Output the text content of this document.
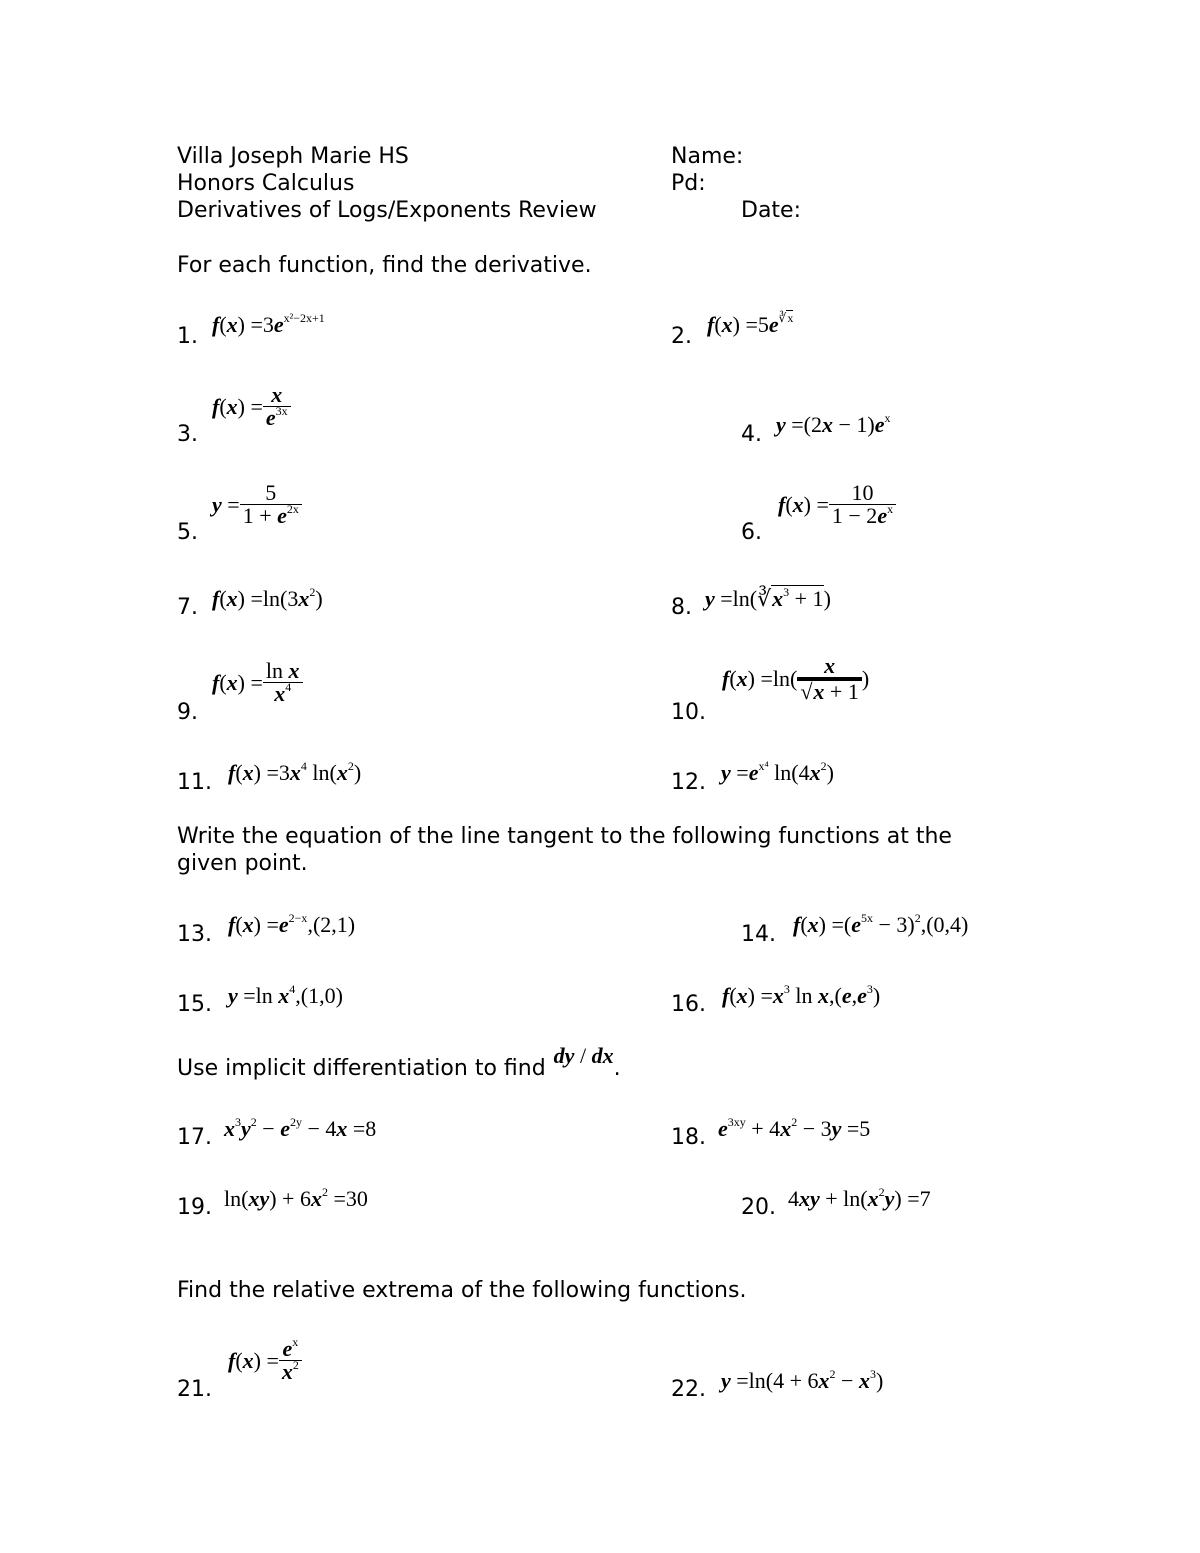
Villa Joseph Marie HS
Honors Calculus
Derivatives of Logs/Exponents Review
Name:
Pd:
Date:
For each function, find the derivative.
1. $f(x) =3e^{x^2-2x+1}$
2. $f(x) =5e^{∛x}$
3.
$f(x) = \frac{x}{e^{3x}}$
4. $y =(2x - 1)e^x$
5.
$y = \frac{5}{1 + e^{2x}}$
6.
$f(x) = \frac{10}{1 - 2e^x}$
7. $f(x) =\ln(3x^2)$	8. $y =\ln(∛x^3 + 1)$
9.
$f(x) = \frac{\text{ln x}}{x^4}$
10.
$f(x) =\ln( \frac{x}{√x + 1}$ )
11. $f(x) =3x^4$ $\ln(x^2)$	12. $y =e^{x^4}$ $\ln(4x^2)$
Write the equation of the line tangent to the following functions at the
given point.
13. $f(x) =e^{2-x},(2,1)$	14. $f(x) =(e^{5x} - 3)^2,(0,4)$
15. y =ln $x^4,(1,0)$	16. $f(x) =x^3$ $\ln x,(e,e^3)$
Use implicit differentiation to finddy / dx.
17. $x^3y^2 - e^{2y} - 4x =8$	18. $e^{3xy} + 4x^2 - 3y =5$
19. $\ln(xy) + 6x^2 =30$	20. $4xy + \ln(x^2y) =7$
Find the relative extrema of the following functions.
21.
$f(x) = \frac{e^x}{x^2}$
22. $y =\ln(4 + 6x^2 - x^3)$
